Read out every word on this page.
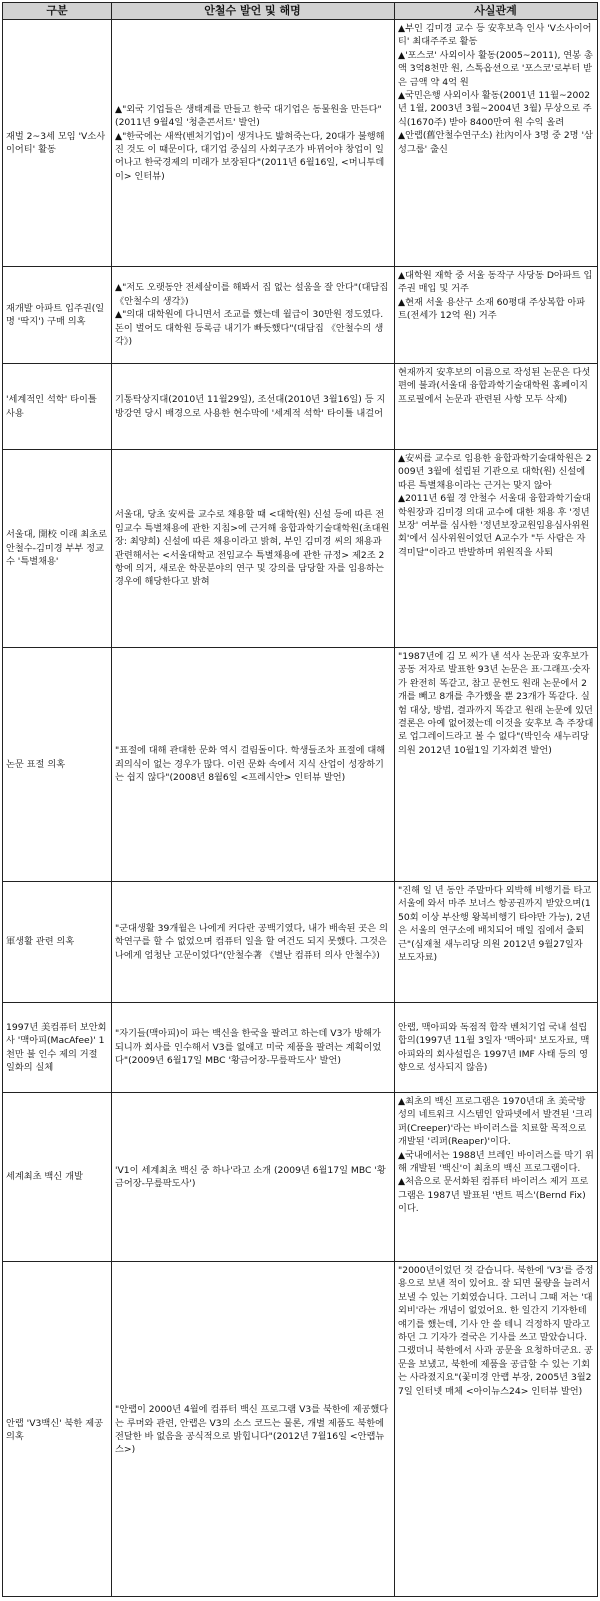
구분	안철수 발언 및 해명	사실관계

재벌 2~3세 모임 'V소사이어티' 활동

▲"외국 기업들은 생태계를 만들고 한국 대기업은 동물원을 만든다"(2011년 9월4일 '청춘콘서트' 발언)

▲"한국에는 새싹(벤처기업)이 생겨나도 밟혀죽는다, 20대가 불행해진 것도 이 때문이다, 대기업 중심의 사회구조가 바뀌어야 창업이 일어나고 한국경제의 미래가 보장된다"(2011년 6월16일, <머니투데이> 인터뷰)

▲부인 김미경 교수 등 安후보측 인사 'V소사이어티' 최대주주로 활동

▲'포스코' 사외이사 활동(2005~2011), 연봉 총액 3억8천만 원, 스톡옵션으로 '포스코'로부터 받은 금액 약 4억 원

▲국민은행 사외이사 활동(2001년 11월~2002년 1월, 2003년 3월~2004년 3월) 무상으로 주식(1670주) 받아 8400만여 원 수익 올려

▲안랩(舊안철수연구소) 社內이사 3명 중 2명 '삼성그룹' 출신

재개발 아파트 입주권(일명 '딱지') 구매 의혹

▲"저도 오랫동안 전세살이를 해봐서 집 없는 설움을 잘 안다"(대담집 《안철수의 생각》)

▲"의대 대학원에 다니면서 조교를 했는데 월급이 30만원 정도였다. 돈이 벌어도 대학원 등록금 내기가 빠듯했다"(대담집 《안철수의 생각》)

▲대학원 재학 중 서울 동작구 사당동 D아파트 입주권 매입 및 거주

▲현재 서울 용산구 소재 60평대 주상복합 아파트(전세가 12억 원) 거주

'세계적인 석학' 타이틀 사용

기통탁상지대(2010년 11월29일), 조선대(2010년 3월16일) 등 지방강연 당시 배경으로 사용한 현수막에 '세계적 석학' 타이틀 내걸어

현재까지 安후보의 이름으로 작성된 논문은 다섯 편에 불과(서울대 융합과학기술대학원 홈페이지 프로필에서 논문과 관련된 사항 모두 삭제)

서울대, 開校 이래 최초로 안철수-김미경 부부 정교수 '특별채용'

서울대, 당초 安씨를 교수로 채용할 때 <대학(원) 신설 등에 따른 전임교수 특별채용에 관한 지침>에 근거해 융합과학기술대학원(초대원장: 최양희) 신설에 따른 채용이라고 밝혀, 부인 김미경 씨의 채용과 관련해서는 <서울대학교 전임교수 특별채용에 관한 규정> 제2조 2항에 의거, 새로운 학문분야의 연구 및 강의를 담당할 자를 임용하는 경우에 해당한다고 밝혀

▲安씨를 교수로 임용한 융합과학기술대학원은 2009년 3월에 설립된 기관으로 대학(원) 신설에 따른 특별채용이라는 근거는 맞지 않아

▲2011년 6월 경 안철수 서울대 융합과학기술대학원장과 김미경 의대 교수에 대한 채용 후 '정년 보장' 여부를 심사한 '정년보장교원임용심사위원회'에서 심사위원이었던 A교수가 "두 사람은 자격미달"이라고 반발하며 위원직을 사퇴

논문 표절 의혹

"표절에 대해 관대한 문화 역시 걸림돌이다. 학생들조차 표절에 대해 죄의식이 없는 경우가 많다. 이런 문화 속에서 지식 산업이 성장하기는 쉽지 않다"(2008년 8월6일 <프레시안> 인터뷰 발언)

"1987년에 김 모 씨가 낸 석사 논문과 安후보가 공동 저자로 발표한 93년 논문은 표·그래프·숫자가 완전히 똑같고, 참고 문헌도 원래 논문에서 2개를 빼고 8개를 추가했을 뿐 23개가 똑같다. 실험 대상, 방법, 결과까지 똑같고 원래 논문에 있던 결론은 아예 없어졌는데 이것을 安후보 측 주장대로 업그레이드라고 볼 수 없다"(박인숙 새누리당 의원 2012년 10월1일 기자회견 발언)

軍생활 관련 의혹

"군대생활 39개월은 나에게 커다란 공백기였다, 내가 배속된 곳은 의학연구를 할 수 없었으며 컴퓨터 일을 할 여건도 되지 못했다. 그것은 나에게 엄청난 고문이었다"(안철수著 《별난 컴퓨터 의사 안철수》)

"진해 일 년 동안 주말마다 외박해 비행기를 타고 서울에 와서 마주 보너스 항공권까지 받았으며(150회 이상 부산행 왕복비행기 타야만 가능), 2년은 서울의 연구소에 배치되어 매일 집에서 출퇴근"(심재철 새누리당 의원 2012년 9월27일자 보도자료)

1997년 美컴퓨터 보안회사 '맥아피(MacAfee)' 1천만 불 인수 제의 거절 일화의 실체

"자기들(맥아피)이 파는 백신을 한국을 팔려고 하는데 V3가 방해가 되니까 회사를 인수해서 V3를 없애고 미국 제품을 팔려는 계획이었다"(2009년 6월17일 MBC '황금어장-무릎팍도사' 발언)

안랩, 맥아피와 독점적 합작 벤처기업 국내 설립 합의(1997년 11월 3일자 '맥아피' 보도자료, 맥아피와의 회사설립은 1997년 IMF 사태 등의 영향으로 성사되지 않음)

세계최초 백신 개발

'V1이 세계최초 백신 중 하나'라고 소개 (2009년 6월17일 MBC '황금어장-무릎팍도사')

▲최초의 백신 프로그램은 1970년대 초 美국방성의 네트워크 시스템인 알파넷에서 발견된 '크리퍼(Creeper)'라는 바이러스를 치료할 목적으로 개발된 '리퍼(Reaper)'이다.

▲국내에서는 1988년 브레인 바이러스를 막기 위해 개발된 '백신'이 최초의 백신 프로그램이다.

▲처음으로 문서화된 컴퓨터 바이러스 제거 프로그램은 1987년 발표된 '번트 픽스'(Bernd Fix)이다.

안랩 'V3백신' 북한 제공 의혹

"안랩이 2000년 4월에 컴퓨터 백신 프로그램 V3를 북한에 제공했다는 루머와 관련, 안랩은 V3의 소스 코드는 물론, 개별 제품도 북한에 전달한 바 없음을 공식적으로 밝힙니다"(2012년 7월16일 <안랩뉴스>)

"2000년이었던 것 같습니다. 북한에 'V3'를 증정용으로 보낸 적이 있어요. 잘 되면 물량을 늘려서 보낼 수 있는 기회였습니다. 그러니 그때 저는 '대외비'라는 개념이 없었어요. 한 일간지 기자한테 얘기를 했는데, 기사 안 쓸 테니 걱정하지 말라고 하던 그 기자가 결국은 기사를 쓰고 말았습니다. 그랬더니 북한에서 사과 공문을 요청하더군요. 공문을 보냈고, 북한에 제품을 공급할 수 있는 기회는 사라졌지요"(꽃미경 안랩 부장, 2005년 3월27일 인터넷 매체 <아이뉴스24> 인터뷰 발언)
